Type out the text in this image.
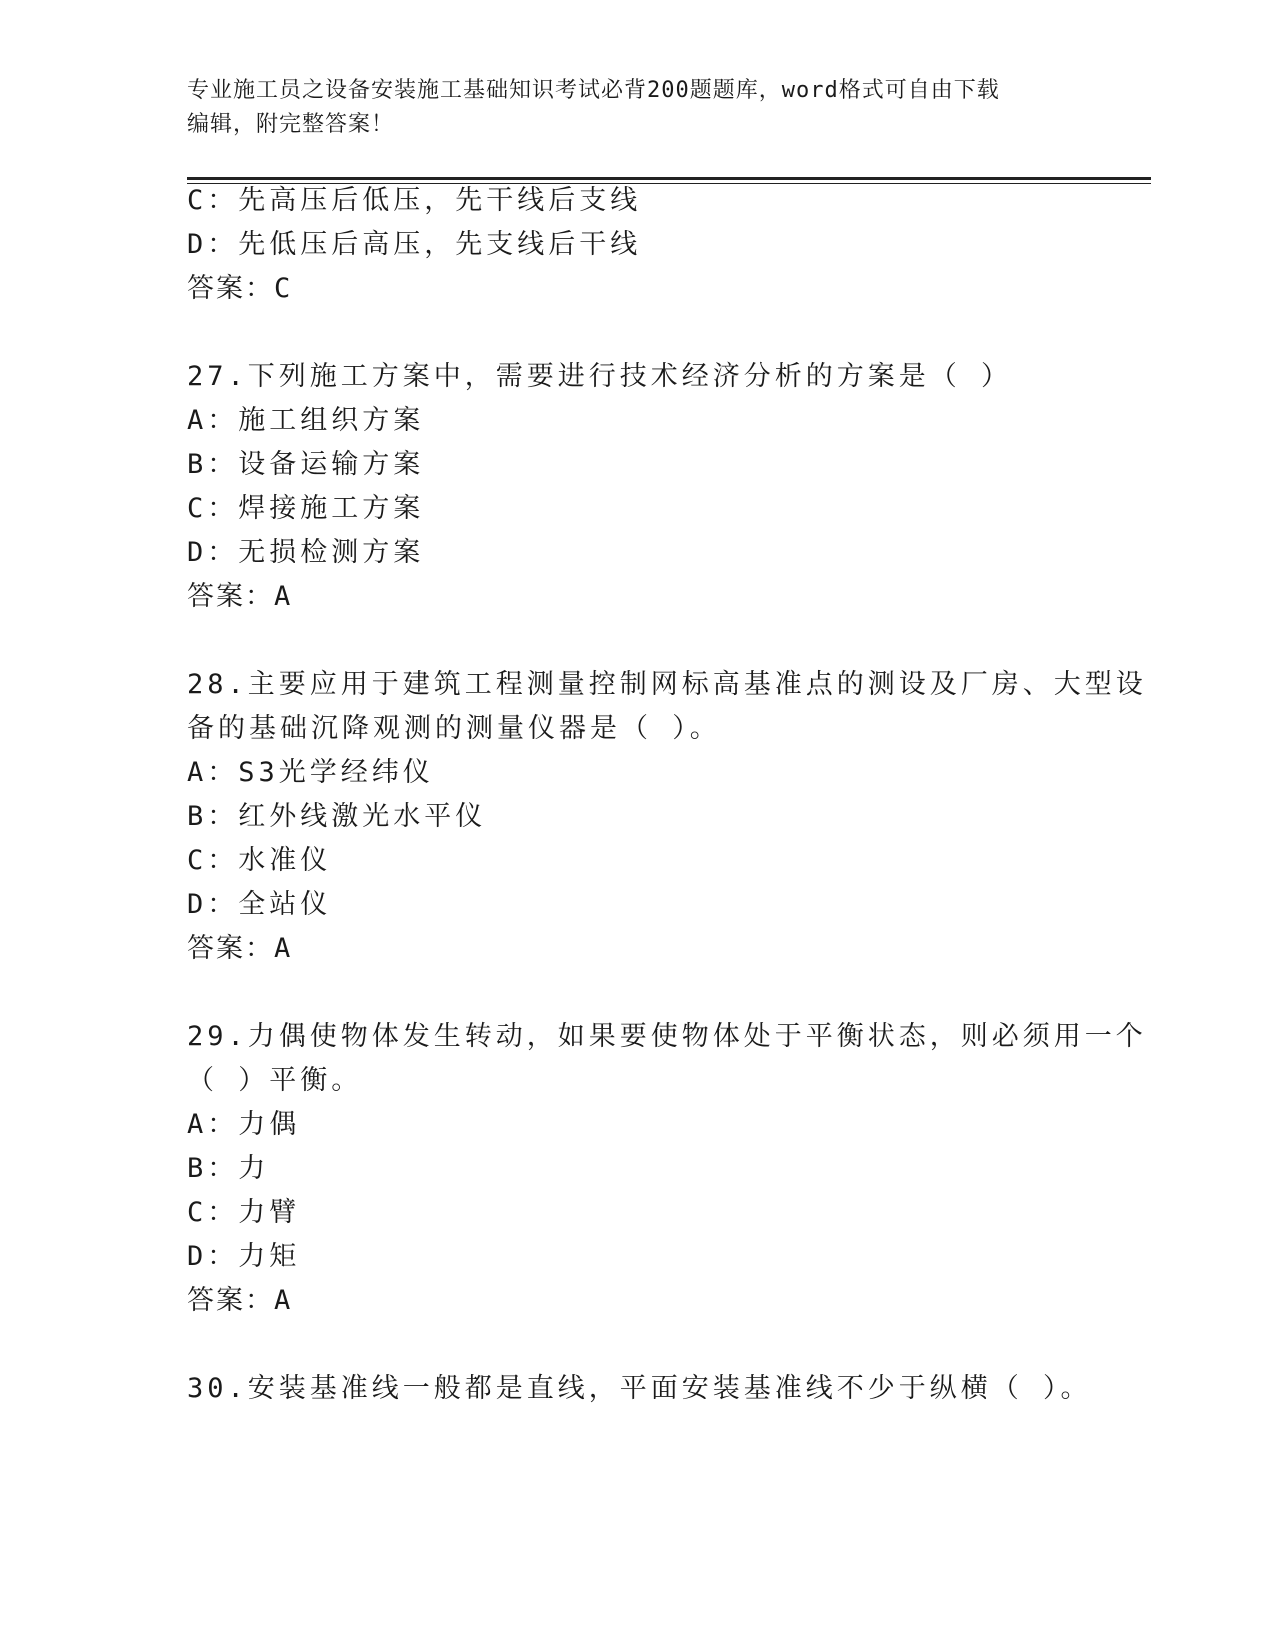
专业施工员之设备安装施工基础知识考试必背200题题库，word格式可自由下载
编辑，附完整答案！
C：先高压后低压，先干线后支线
D：先低压后高压，先支线后干线
答案：C
27.下列施工方案中，需要进行技术经济分析的方案是（ ）
A：施工组织方案
B：设备运输方案
C：焊接施工方案
D：无损检测方案
答案：A
28.主要应用于建筑工程测量控制网标高基准点的测设及厂房、大型设
备的基础沉降观测的测量仪器是（ ）。
A：S3光学经纬仪
B：红外线激光水平仪
C：水准仪
D：全站仪
答案：A
29.力偶使物体发生转动，如果要使物体处于平衡状态，则必须用一个
（ ）平衡。
A：力偶
B：力
C：力臂
D：力矩
答案：A
30.安装基准线一般都是直线，平面安装基准线不少于纵横（ ）。
